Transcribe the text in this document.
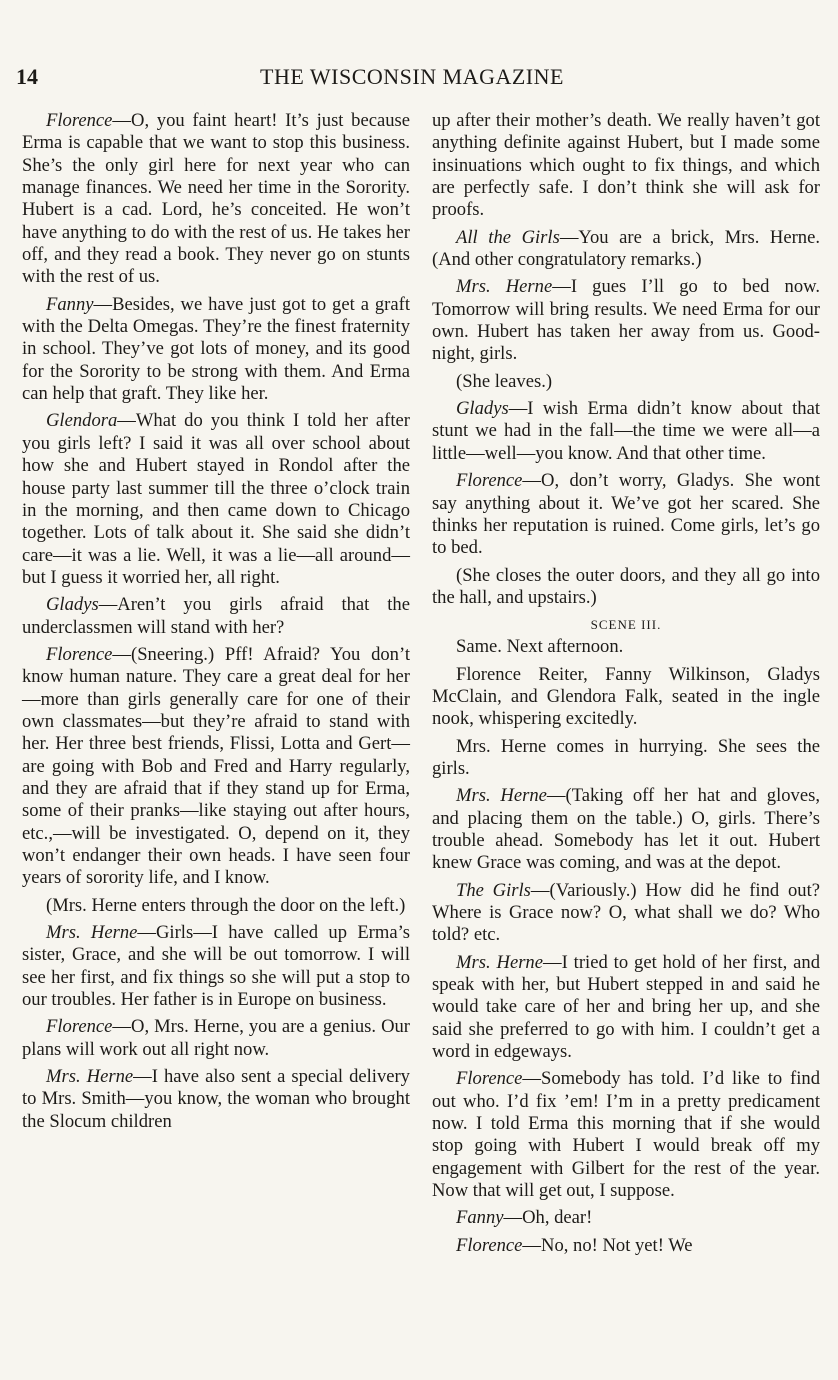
14	THE WISCONSIN MAGAZINE

Florence—O, you faint heart! It’s just because Erma is capable that we want to stop this business. She’s the only girl here for next year who can manage finances. We need her time in the Sorority. Hubert is a cad. Lord, he’s conceited. He won’t have anything to do with the rest of us. He takes her off, and they read a book. They never go on stunts with the rest of us.

Fanny—Besides, we have just got to get a graft with the Delta Omegas. They’re the finest fraternity in school. They’ve got lots of money, and its good for the Sorority to be strong with them. And Erma can help that graft. They like her.

Glendora—What do you think I told her after you girls left? I said it was all over school about how she and Hubert stayed in Rondol after the house party last summer till the three o’clock train in the morning, and then came down to Chicago together. Lots of talk about it. She said she didn’t care—it was a lie. Well, it was a lie—all around—but I guess it worried her, all right.

Gladys—Aren’t you girls afraid that the underclassmen will stand with her?

Florence—(Sneering.) Pff! Afraid? You don’t know human nature. They care a great deal for her—more than girls generally care for one of their own classmates—but they’re afraid to stand with her. Her three best friends, Flissi, Lotta and Gert—are going with Bob and Fred and Harry regularly, and they are afraid that if they stand up for Erma, some of their pranks—like staying out after hours, etc.,—will be investigated. O, depend on it, they won’t endanger their own heads. I have seen four years of sorority life, and I know.

(Mrs. Herne enters through the door on the left.)

Mrs. Herne—Girls—I have called up Erma’s sister, Grace, and she will be out tomorrow. I will see her first, and fix things so she will put a stop to our troubles. Her father is in Europe on business.

Florence—O, Mrs. Herne, you are a genius. Our plans will work out all right now.

Mrs. Herne—I have also sent a special delivery to Mrs. Smith—you know, the woman who brought the Slocum children

up after their mother’s death. We really haven’t got anything definite against Hubert, but I made some insinuations which ought to fix things, and which are perfectly safe. I don’t think she will ask for proofs.

All the Girls—You are a brick, Mrs. Herne. (And other congratulatory remarks.)

Mrs. Herne—I gues I’ll go to bed now. Tomorrow will bring results. We need Erma for our own. Hubert has taken her away from us. Good-night, girls.

(She leaves.)

Gladys—I wish Erma didn’t know about that stunt we had in the fall—the time we were all—a little—well—you know. And that other time.

Florence—O, don’t worry, Gladys. She wont say anything about it. We’ve got her scared. She thinks her reputation is ruined. Come girls, let’s go to bed.

(She closes the outer doors, and they all go into the hall, and upstairs.)

SCENE III.

Same. Next afternoon.

Florence Reiter, Fanny Wilkinson, Gladys McClain, and Glendora Falk, seated in the ingle nook, whispering excitedly.

Mrs. Herne comes in hurrying. She sees the girls.

Mrs. Herne—(Taking off her hat and gloves, and placing them on the table.) O, girls. There’s trouble ahead. Somebody has let it out. Hubert knew Grace was coming, and was at the depot.

The Girls—(Variously.) How did he find out? Where is Grace now? O, what shall we do? Who told? etc.

Mrs. Herne—I tried to get hold of her first, and speak with her, but Hubert stepped in and said he would take care of her and bring her up, and she said she preferred to go with him. I couldn’t get a word in edgeways.

Florence—Somebody has told. I’d like to find out who. I’d fix ’em! I’m in a pretty predicament now. I told Erma this morning that if she would stop going with Hubert I would break off my engagement with Gilbert for the rest of the year. Now that will get out, I suppose.

Fanny—Oh, dear!

Florence—No, no! Not yet! We
